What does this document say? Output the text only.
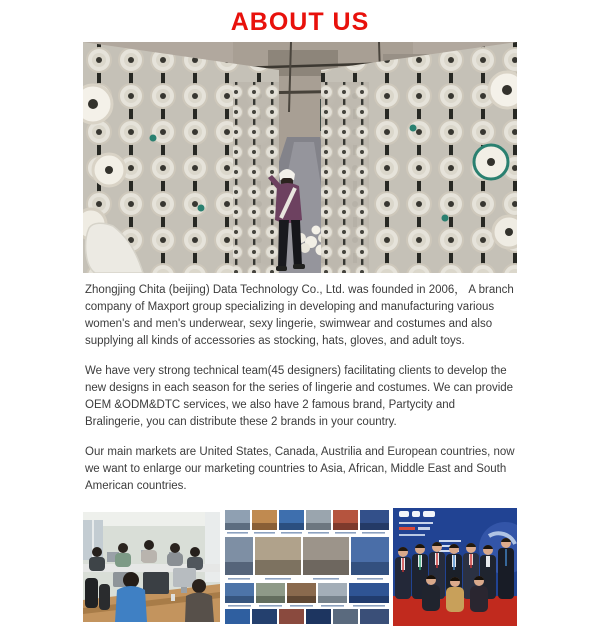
ABOUT US

Zhongjing Chita (beijing) Data Technology Co., Ltd. was founded in 2006， A branch company of Maxport group specializing in developing and manufacturing various women's and men's underwear, sexy lingerie, swimwear and costumes and also supplying all kinds of accessories as stocking, hats, gloves, and adult toys.

We have very strong technical team(45 designers) facilitating clients to develop the new designs in each season for the series of lingerie and costumes. We can provide OEM &ODM&DTC services, we also have 2 famous brand, Partycity and Bralingerie, you can distribute these 2 brands in your country.

Our main markets are United States, Canada, Austrilia and European countries, now we want to enlarge our marketing countries to Asia, African, Middle East and South American countries.
